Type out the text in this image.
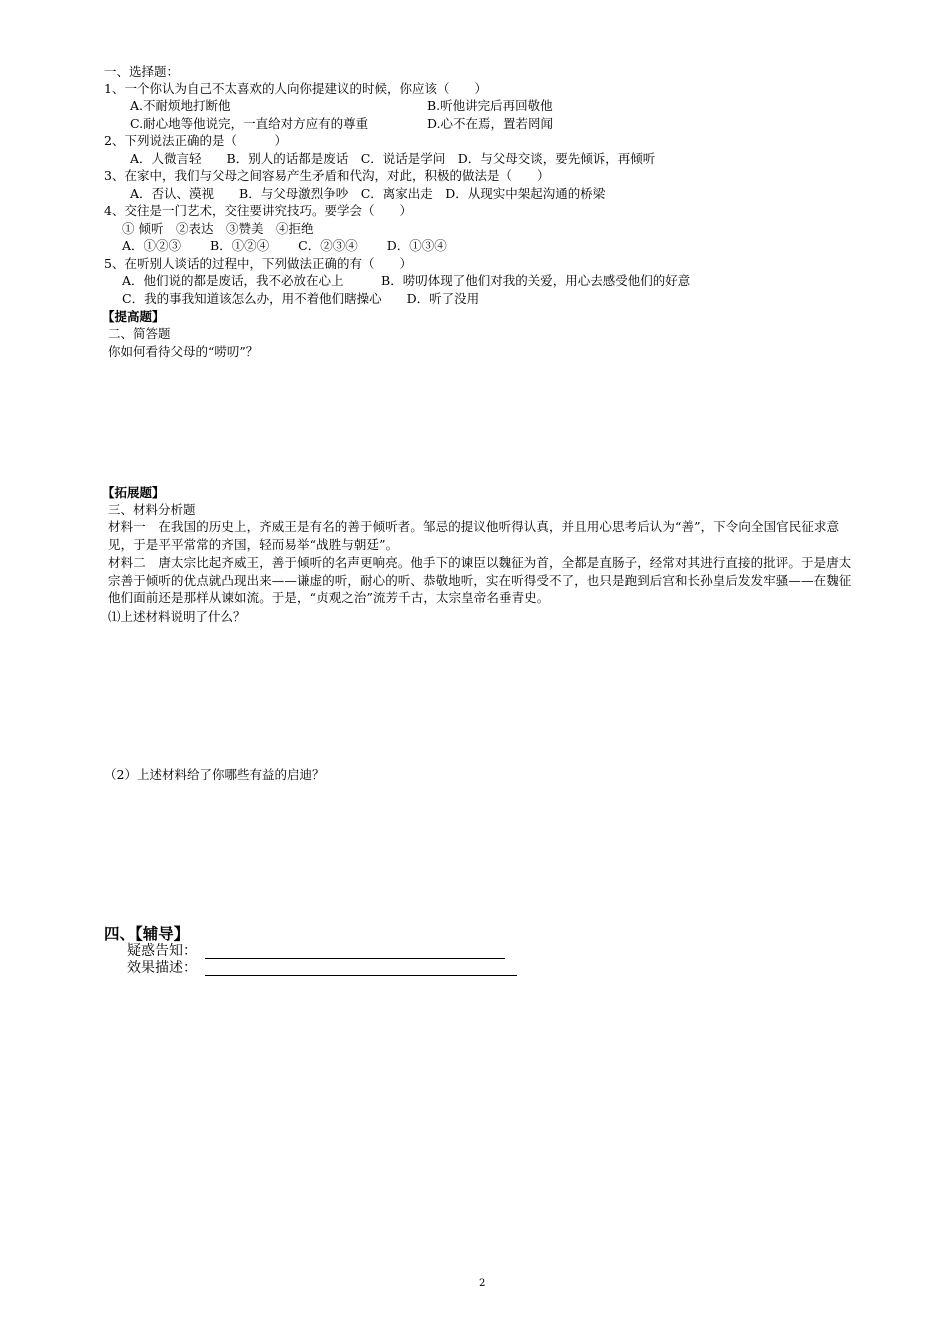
一、选择题：
1、一个你认为自己不太喜欢的人向你提建议的时候，你应该（　　）
A.不耐烦地打断他	B.听他讲完后再回敬他
C.耐心地等他说完，一直给对方应有的尊重	D.心不在焉，置若罔闻
2、下列说法正确的是（　　　）
A．人微言轻　　B．别人的话都是废话　C．说话是学问　D．与父母交谈，要先倾诉，再倾听
3、在家中，我们与父母之间容易产生矛盾和代沟，对此，积极的做法是（　　）
A．否认、漠视　　B．与父母激烈争吵　C．离家出走　D．从现实中架起沟通的桥梁
4、交往是一门艺术，交往要讲究技巧。要学会（　　）
① 倾听　②表达　③赞美　④拒绝
A．①②③　　 B．①②④　　 C．②③④　　 D．①③④
5、在听别人谈话的过程中，下列做法正确的有（　　）
A．他们说的都是废话，我不必放在心上　　　B．唠叨体现了他们对我的关爱，用心去感受他们的好意
C．我的事我知道该怎么办，用不着他们瞎操心　　D．听了没用
【提高题】
二、简答题
你如何看待父母的“唠叨”？
【拓展题】
三、材料分析题
材料一　在我国的历史上，齐威王是有名的善于倾听者。邹忌的提议他听得认真，并且用心思考后认为“善”，下令向全国官民征求意见，于是平平常常的齐国，轻而易举“战胜与朝廷”。
材料二　唐太宗比起齐威王，善于倾听的名声更响亮。他手下的谏臣以魏征为首，全都是直肠子，经常对其进行直接的批评。于是唐太宗善于倾听的优点就凸现出来——谦虚的听，耐心的听、恭敬地听，实在听得受不了，也只是跑到后宫和长孙皇后发发牢骚——在魏征他们面前还是那样从谏如流。于是，“贞观之治”流芳千古，太宗皇帝名垂青史。
⑴上述材料说明了什么？
（2）上述材料给了你哪些有益的启迪？
四、【辅导】
疑惑告知：
效果描述：
2
